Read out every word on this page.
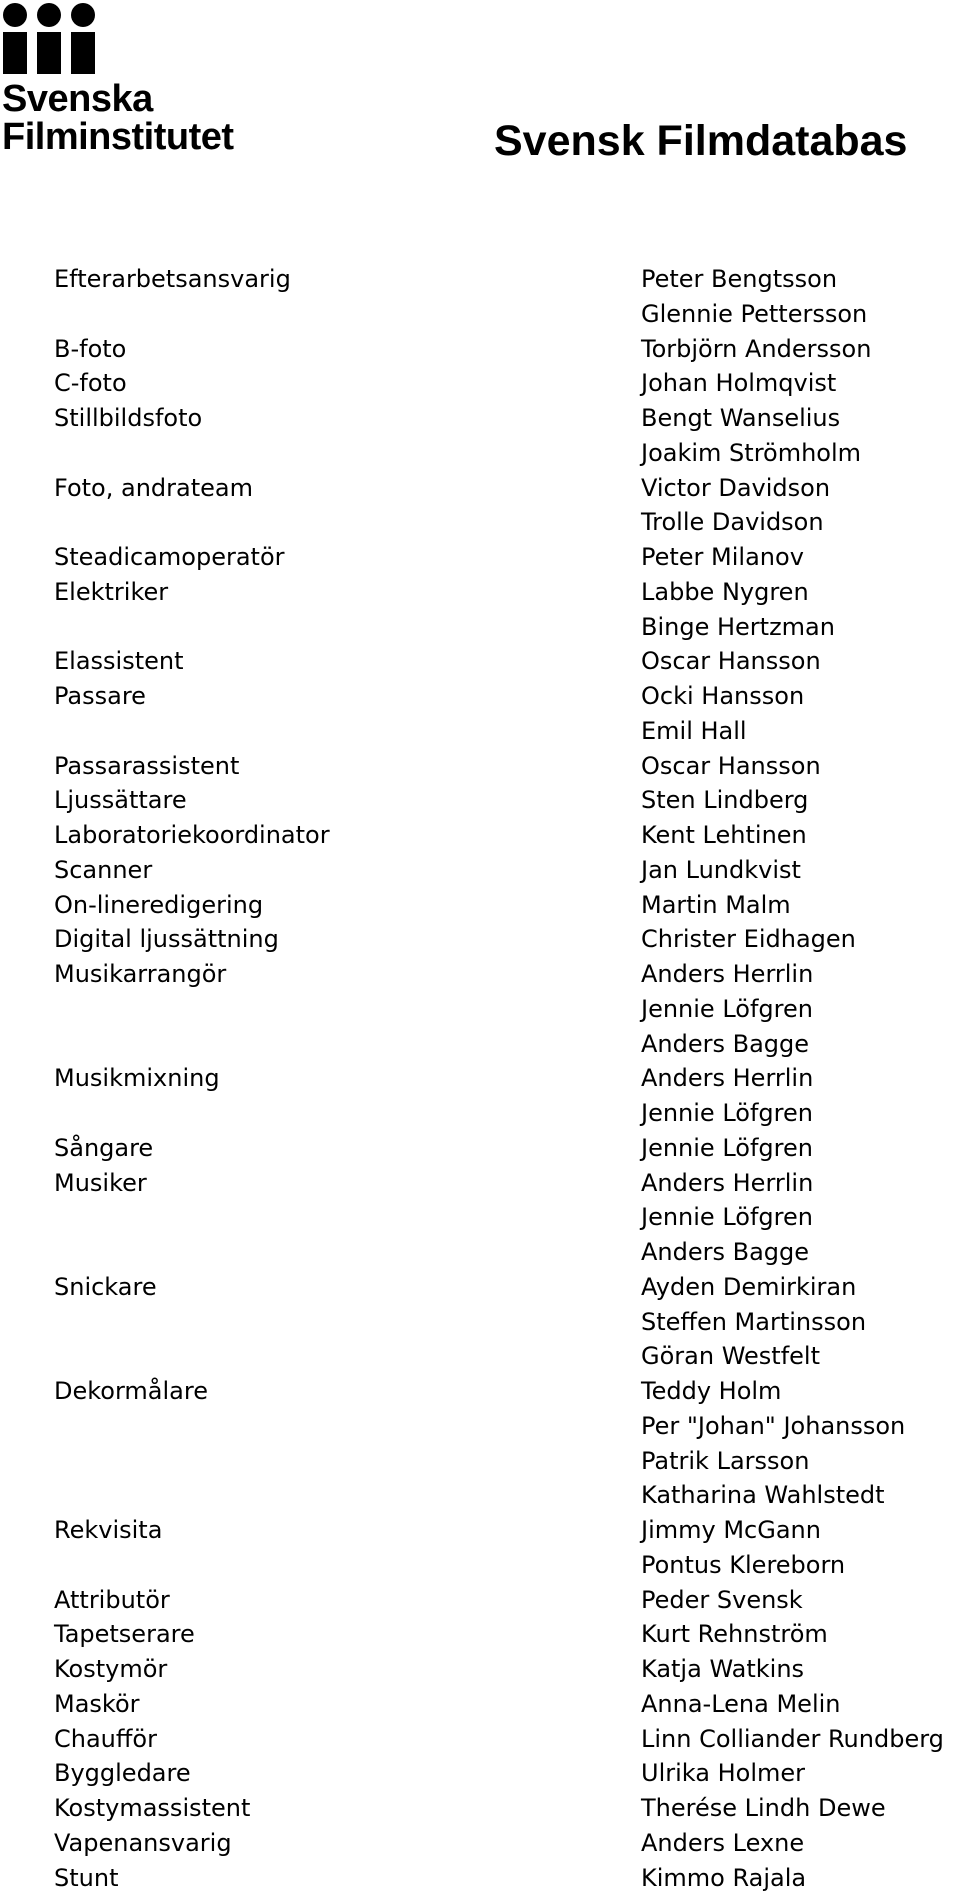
Svenska
Filminstitutet	Svensk Filmdatabas
Efterarbetsansvarig	Peter Bengtsson
Glennie Pettersson
B-foto	Torbjörn Andersson
C-foto	Johan Holmqvist
Stillbildsfoto	Bengt Wanselius
Joakim Strömholm
Foto, andrateam	Victor Davidson
Trolle Davidson
Steadicamoperatör	Peter Milanov
Elektriker	Labbe Nygren
Binge Hertzman
Elassistent	Oscar Hansson
Passare	Ocki Hansson
Emil Hall
Passarassistent	Oscar Hansson
Ljussättare	Sten Lindberg
Laboratoriekoordinator	Kent Lehtinen
Scanner	Jan Lundkvist
On-lineredigering	Martin Malm
Digital ljussättning	Christer Eidhagen
Musikarrangör	Anders Herrlin
Jennie Löfgren
Anders Bagge
Musikmixning	Anders Herrlin
Jennie Löfgren
Sångare	Jennie Löfgren
Musiker	Anders Herrlin
Jennie Löfgren
Anders Bagge
Snickare	Ayden Demirkiran
Steffen Martinsson
Göran Westfelt
Dekormålare	Teddy Holm
Per "Johan" Johansson
Patrik Larsson
Katharina Wahlstedt
Rekvisita	Jimmy McGann
Pontus Klereborn
Attributör	Peder Svensk
Tapetserare	Kurt Rehnström
Kostymör	Katja Watkins
Maskör	Anna-Lena Melin
Chaufför	Linn Colliander Rundberg
Byggledare	Ulrika Holmer
Kostymassistent	Therése Lindh Dewe
Vapenansvarig	Anders Lexne
Stunt	Kimmo Rajala
